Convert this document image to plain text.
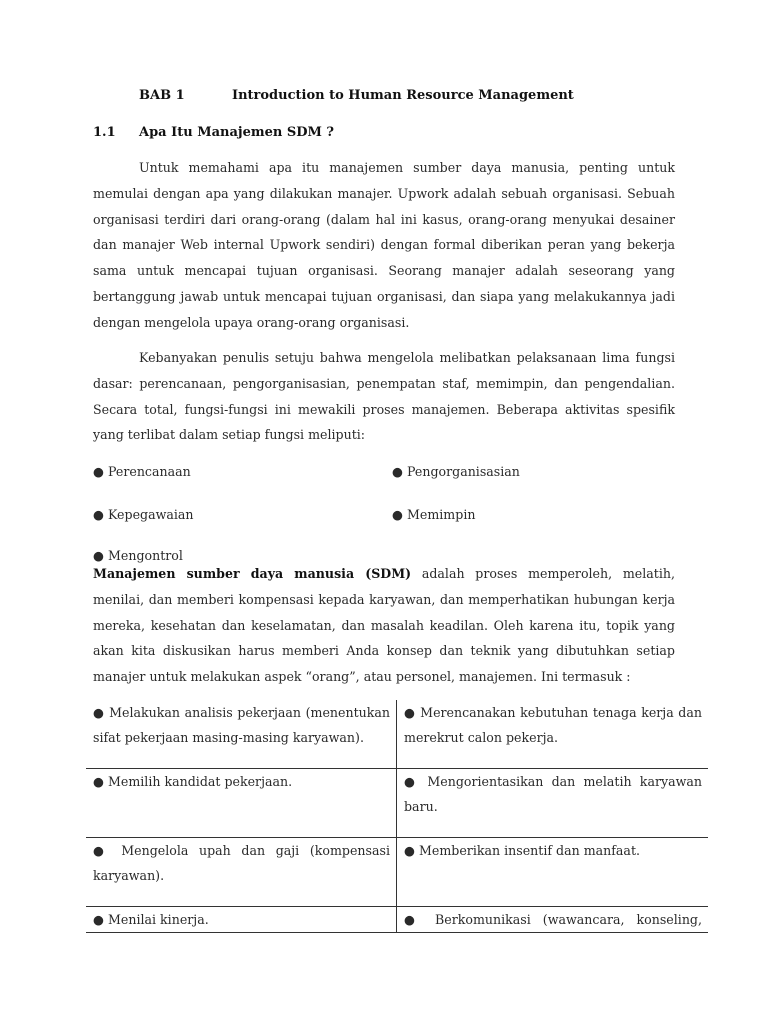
BAB 1	Introduction to Human Resource Management
1.1 Apa Itu Manajemen SDM ?
Untuk memahami apa itu manajemen sumber daya manusia, penting untuk memulai dengan apa yang dilakukan manajer. Upwork adalah sebuah organisasi. Sebuah organisasi terdiri dari orang-orang (dalam hal ini kasus, orang-orang menyukai desainer dan manajer Web internal Upwork sendiri) dengan formal diberikan peran yang bekerja sama untuk mencapai tujuan organisasi. Seorang manajer adalah seseorang yang bertanggung jawab untuk mencapai tujuan organisasi, dan siapa yang melakukannya jadi dengan mengelola upaya orang-orang organisasi.
Kebanyakan penulis setuju bahwa mengelola melibatkan pelaksanaan lima fungsi dasar: perencanaan, pengorganisasian, penempatan staf, memimpin, dan pengendalian. Secara total, fungsi-fungsi ini mewakili proses manajemen. Beberapa aktivitas spesifik yang terlibat dalam setiap fungsi meliputi:
● Perencanaan	● Pengorganisasian
● Kepegawaian	● Memimpin
● Mengontrol
Manajemen sumber daya manusia (SDM) adalah proses memperoleh, melatih, menilai, dan memberi kompensasi kepada karyawan, dan memperhatikan hubungan kerja mereka, kesehatan dan keselamatan, dan masalah keadilan. Oleh karena itu, topik yang akan kita diskusikan harus memberi Anda konsep dan teknik yang dibutuhkan setiap manajer untuk melakukan aspek “orang”, atau personel, manajemen. Ini termasuk :
● Melakukan analisis pekerjaan (menentukan sifat pekerjaan masing-masing karyawan).	● Merencanakan kebutuhan tenaga kerja dan merekrut calon pekerja.

● Memilih kandidat pekerjaan.	● Mengorientasikan dan melatih karyawan baru.

● Mengelola upah dan gaji (kompensasi karyawan).	● Memberikan insentif dan manfaat.

● Menilai kinerja.	● Berkomunikasi (wawancara, konseling,
